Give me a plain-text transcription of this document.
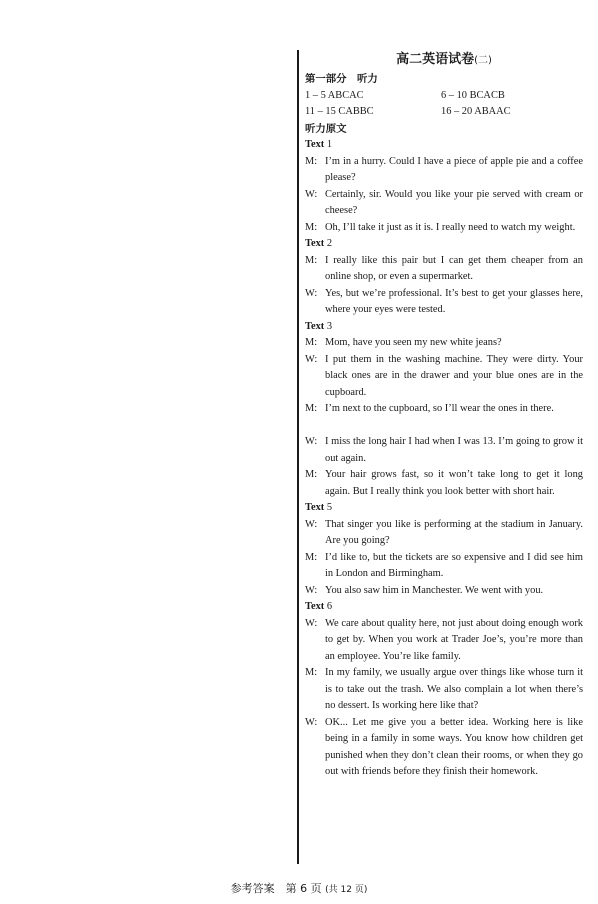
高二英语试卷(二)
第一部分　听力
1 – 5 ABCAC	6 – 10 BCACB
11 – 15 CABBC	16 – 20 ABAAC
听力原文
Text 1
M: I’m in a hurry. Could I have a piece of apple pie and a coffee please?
W: Certainly, sir. Would you like your pie served with cream or cheese?
M: Oh, I’ll take it just as it is. I really need to watch my weight.
Text 2
M: I really like this pair but I can get them cheaper from an online shop, or even a supermarket.
W: Yes, but we’re professional. It’s best to get your glasses here, where your eyes were tested.
Text 3
M: Mom, have you seen my new white jeans?
W: I put them in the washing machine. They were dirty. Your black ones are in the drawer and your blue ones are in the cupboard.
M: I’m next to the cupboard, so I’ll wear the ones in there.
W: I miss the long hair I had when I was 13. I’m going to grow it out again.
M: Your hair grows fast, so it won’t take long to get it long again. But I really think you look better with short hair.
Text 5
W: That singer you like is performing at the stadium in January. Are you going?
M: I’d like to, but the tickets are so expensive and I did see him in London and Birmingham.
W: You also saw him in Manchester. We went with you.
Text 6
W: We care about quality here, not just about doing enough work to get by. When you work at Trader Joe’s, you’re more than an employee. You’re like family.
M: In my family, we usually argue over things like whose turn it is to take out the trash. We also complain a lot when there’s no dessert. Is working here like that?
W: OK... Let me give you a better idea. Working here is like being in a family in some ways. You know how children get punished when they don’t clean their rooms, or when they go out with friends before they finish their homework.
参考答案　第 6 页 (共 12 页)
